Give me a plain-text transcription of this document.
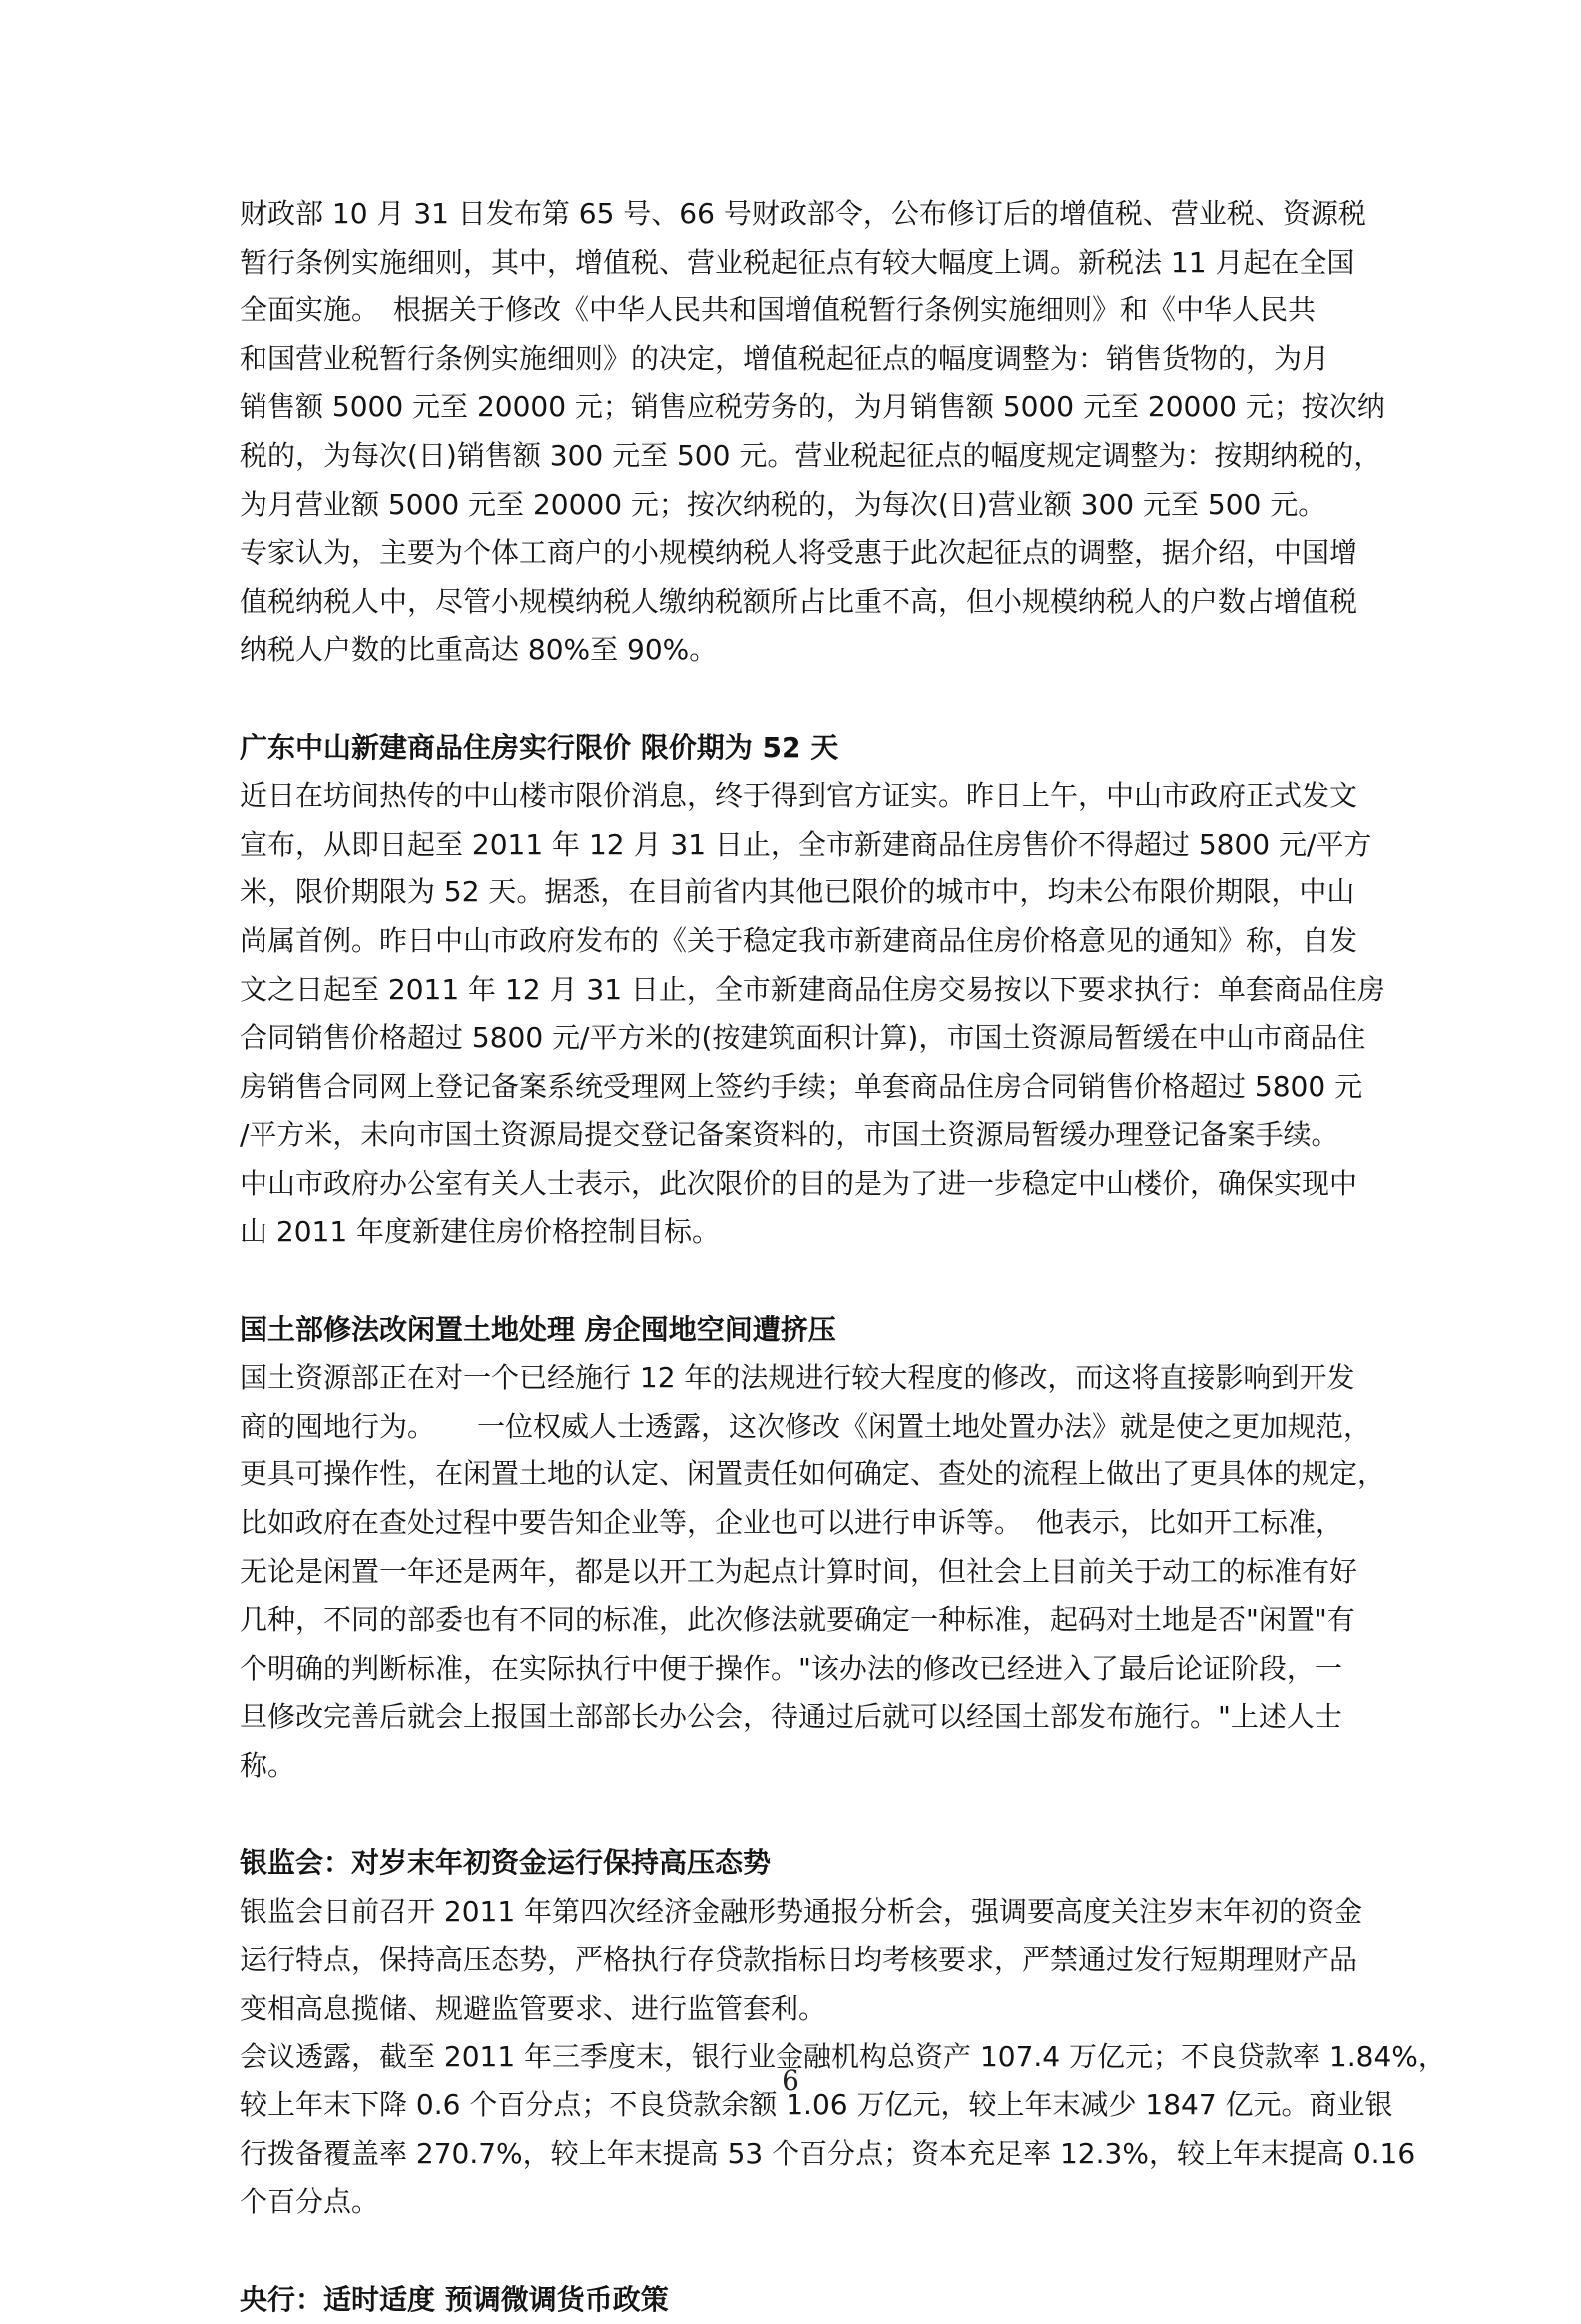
财政部 10 月 31 日发布第 65 号、66 号财政部令，公布修订后的增值税、营业税、资源税
暂行条例实施细则，其中，增值税、营业税起征点有较大幅度上调。新税法 11 月起在全国
全面实施。　根据关于修改《中华人民共和国增值税暂行条例实施细则》和《中华人民共
和国营业税暂行条例实施细则》的决定，增值税起征点的幅度调整为：销售货物的，为月
销售额 5000 元至 20000 元；销售应税劳务的，为月销售额 5000 元至 20000 元；按次纳
税的，为每次(日)销售额 300 元至 500 元。营业税起征点的幅度规定调整为：按期纳税的，
为月营业额 5000 元至 20000 元；按次纳税的，为每次(日)营业额 300 元至 500 元。
专家认为，主要为个体工商户的小规模纳税人将受惠于此次起征点的调整，据介绍，中国增
值税纳税人中，尽管小规模纳税人缴纳税额所占比重不高，但小规模纳税人的户数占增值税
纳税人户数的比重高达 80%至 90%。
广东中山新建商品住房实行限价 限价期为 52 天
近日在坊间热传的中山楼市限价消息，终于得到官方证实。昨日上午，中山市政府正式发文
宣布，从即日起至 2011 年 12 月 31 日止，全市新建商品住房售价不得超过 5800 元/平方
米，限价期限为 52 天。据悉，在目前省内其他已限价的城市中，均未公布限价期限，中山
尚属首例。昨日中山市政府发布的《关于稳定我市新建商品住房价格意见的通知》称，自发
文之日起至 2011 年 12 月 31 日止，全市新建商品住房交易按以下要求执行：单套商品住房
合同销售价格超过 5800 元/平方米的(按建筑面积计算)，市国土资源局暂缓在中山市商品住
房销售合同网上登记备案系统受理网上签约手续；单套商品住房合同销售价格超过 5800 元
/平方米，未向市国土资源局提交登记备案资料的，市国土资源局暂缓办理登记备案手续。
中山市政府办公室有关人士表示，此次限价的目的是为了进一步稳定中山楼价，确保实现中
山 2011 年度新建住房价格控制目标。
国土部修法改闲置土地处理 房企囤地空间遭挤压
国土资源部正在对一个已经施行 12 年的法规进行较大程度的修改，而这将直接影响到开发
商的囤地行为。　　一位权威人士透露，这次修改《闲置土地处置办法》就是使之更加规范，
更具可操作性，在闲置土地的认定、闲置责任如何确定、查处的流程上做出了更具体的规定，
比如政府在查处过程中要告知企业等，企业也可以进行申诉等。　他表示，比如开工标准，
无论是闲置一年还是两年，都是以开工为起点计算时间，但社会上目前关于动工的标准有好
几种，不同的部委也有不同的标准，此次修法就要确定一种标准，起码对土地是否"闲置"有
个明确的判断标准，在实际执行中便于操作。"该办法的修改已经进入了最后论证阶段，一
旦修改完善后就会上报国土部部长办公会，待通过后就可以经国土部发布施行。"上述人士
称。
银监会：对岁末年初资金运行保持高压态势
银监会日前召开 2011 年第四次经济金融形势通报分析会，强调要高度关注岁末年初的资金
运行特点，保持高压态势，严格执行存贷款指标日均考核要求，严禁通过发行短期理财产品
变相高息揽储、规避监管要求、进行监管套利。
会议透露，截至 2011 年三季度末，银行业金融机构总资产 107.4 万亿元；不良贷款率 1.84%，
较上年末下降 0.6 个百分点；不良贷款余额 1.06 万亿元，较上年末减少 1847 亿元。商业银
行拨备覆盖率 270.7%，较上年末提高 53 个百分点；资本充足率 12.3%，较上年末提高 0.16
个百分点。
央行：适时适度 预调微调货币政策
6
